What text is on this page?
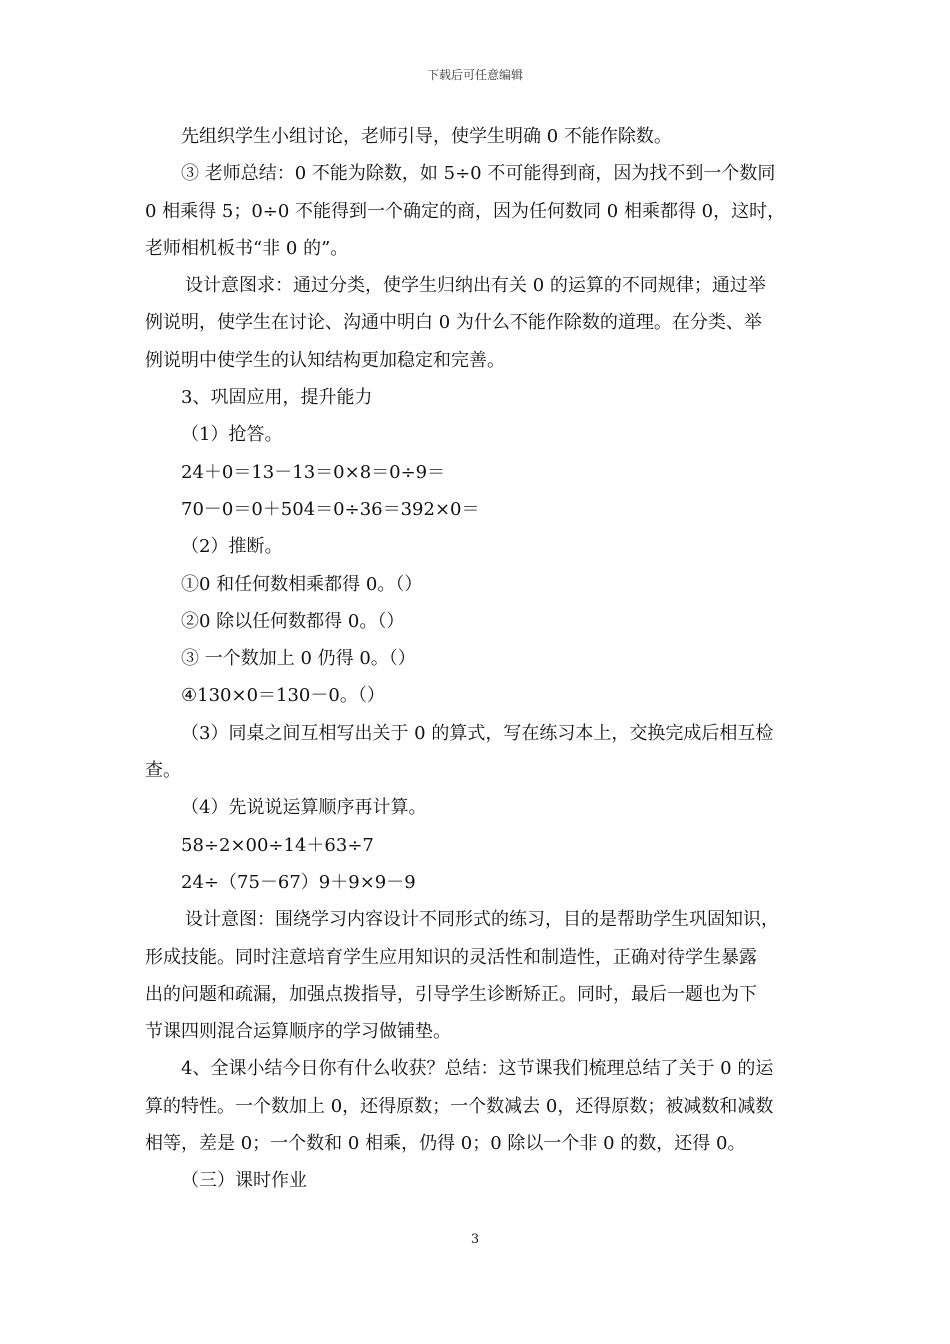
下载后可任意编辑

先组织学生小组讨论，老师引导，使学生明确 0 不能作除数。

③ 老师总结：0 不能为除数，如 5÷0 不可能得到商，因为找不到一个数同

0 相乘得 5；0÷0 不能得到一个确定的商，因为任何数同 0 相乘都得 0，这时，

老师相机板书“非 0 的”。

设计意图求：通过分类，使学生归纳出有关 0 的运算的不同规律；通过举

例说明，使学生在讨论、沟通中明白 0 为什么不能作除数的道理。在分类、举

例说明中使学生的认知结构更加稳定和完善。

3、巩固应用，提升能力

（1）抢答。

24＋0＝13－13＝0×8＝0÷9＝

70－0＝0＋504＝0÷36＝392×0＝

（2）推断。

①0 和任何数相乘都得 0。（）

②0 除以任何数都得 0。（）

③ 一个数加上 0 仍得 0。（）

④130×0＝130－0。（）

（3）同桌之间互相写出关于 0 的算式，写在练习本上，交换完成后相互检

查。

（4）先说说运算顺序再计算。

58÷2×00÷14＋63÷7

24÷（75－67）9＋9×9－9

设计意图：围绕学习内容设计不同形式的练习，目的是帮助学生巩固知识，

形成技能。同时注意培育学生应用知识的灵活性和制造性，正确对待学生暴露

出的问题和疏漏，加强点拨指导，引导学生诊断矫正。同时，最后一题也为下

节课四则混合运算顺序的学习做铺垫。

4、全课小结今日你有什么收获？总结：这节课我们梳理总结了关于 0 的运

算的特性。一个数加上 0，还得原数；一个数减去 0，还得原数；被减数和减数

相等，差是 0；一个数和 0 相乘，仍得 0；0 除以一个非 0 的数，还得 0。

（三）课时作业

3
